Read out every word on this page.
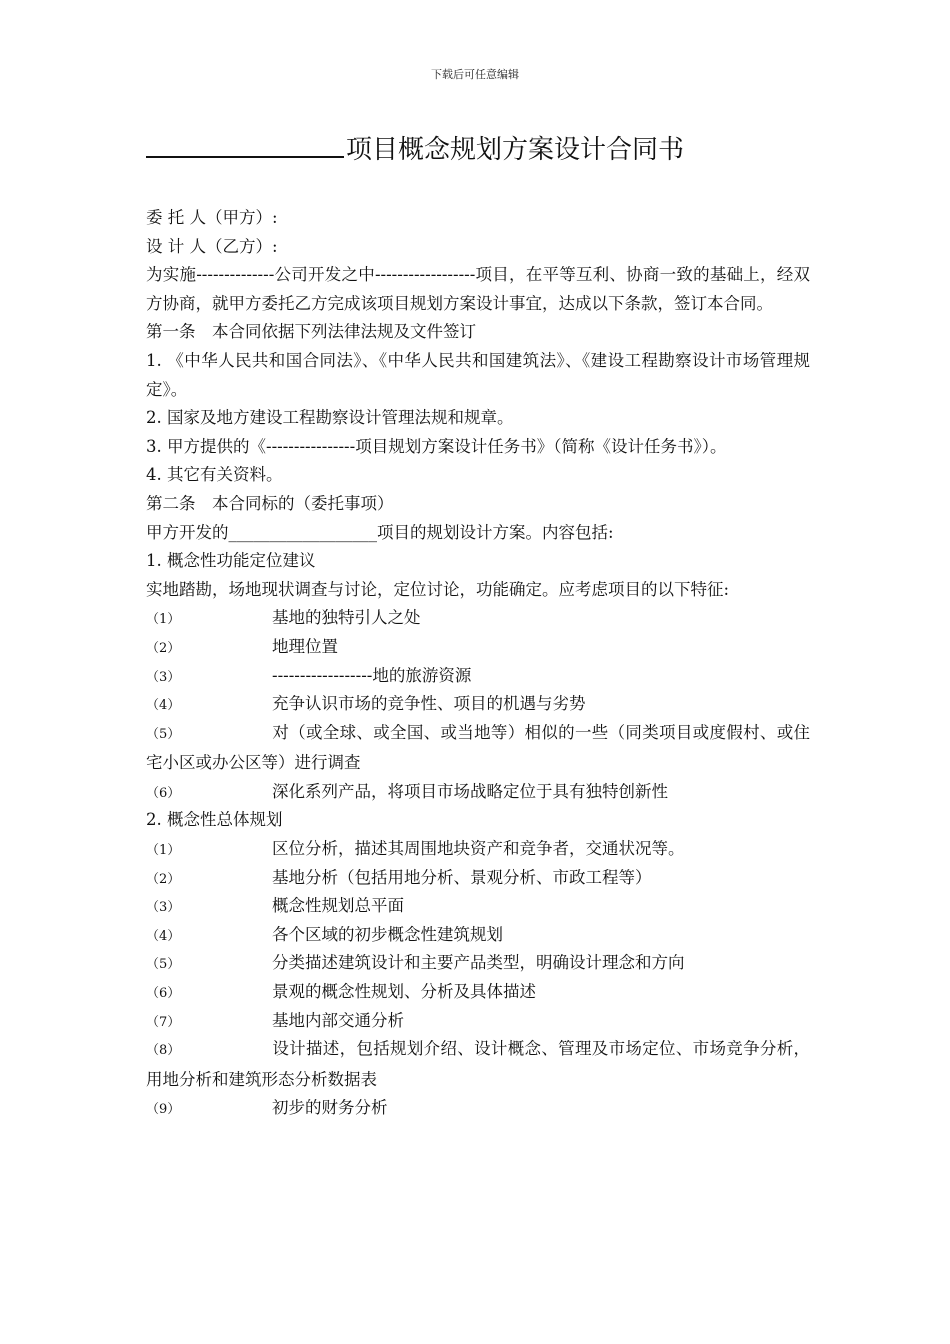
下载后可任意编辑
项目概念规划方案设计合同书
委 托 人（甲方）:
设 计 人（乙方）:
为实施--------------公司开发之中------------------项目，在平等互利、协商一致的基础上，经双方协商，就甲方委托乙方完成该项目规划方案设计事宜，达成以下条款，签订本合同。
第一条　本合同依据下列法律法规及文件签订
1. 《中华人民共和国合同法》、《中华人民共和国建筑法》、《建设工程勘察设计市场管理规定》。
2. 国家及地方建设工程勘察设计管理法规和规章。
3. 甲方提供的《----------------项目规划方案设计任务书》（简称《设计任务书》）。
4. 其它有关资料。
第二条　本合同标的（委托事项）
甲方开发的__________________项目的规划设计方案。内容包括:
1. 概念性功能定位建议
实地踏勘，场地现状调查与讨论，定位讨论，功能确定。应考虑项目的以下特征:
（1）	基地的独特引人之处
（2）	地理位置
（3）	------------------地的旅游资源
（4）	充争认识市场的竞争性、项目的机遇与劣势
（5）	对（或全球、或全国、或当地等）相似的一些（同类项目或度假村、或住宅小区或办公区等）进行调查
（6）	深化系列产品，将项目市场战略定位于具有独特创新性
2. 概念性总体规划
（1）	区位分析，描述其周围地块资产和竞争者，交通状况等。
（2）	基地分析（包括用地分析、景观分析、市政工程等）
（3）	概念性规划总平面
（4）	各个区域的初步概念性建筑规划
（5）	分类描述建筑设计和主要产品类型，明确设计理念和方向
（6）	景观的概念性规划、分析及具体描述
（7）	基地内部交通分析
（8）	设计描述，包括规划介绍、设计概念、管理及市场定位、市场竞争分析，用地分析和建筑形态分析数据表
（9）	初步的财务分析
